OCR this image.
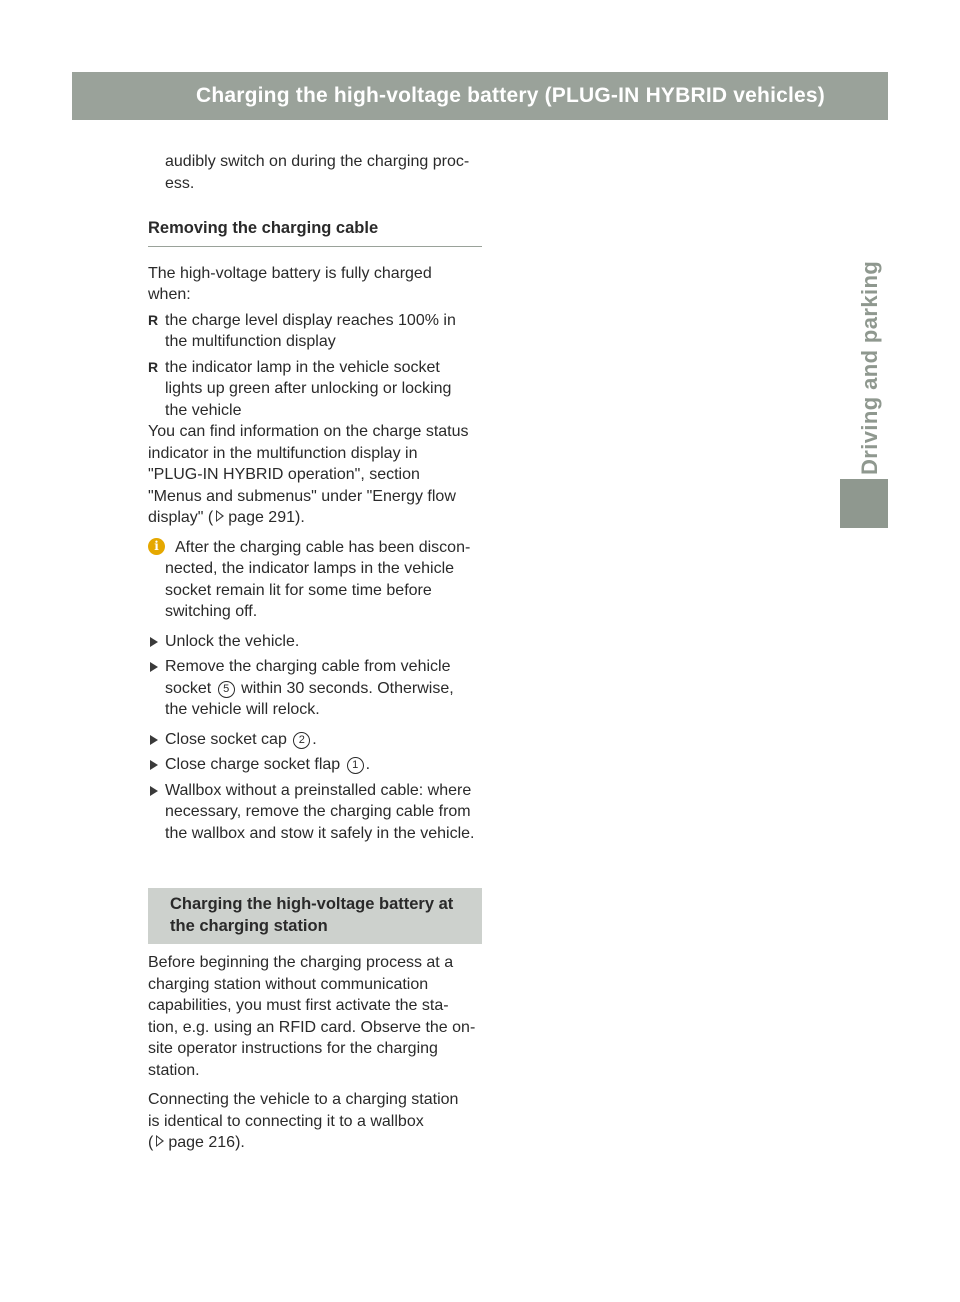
Charging the high-voltage battery (PLUG-IN HYBRID vehicles)	217
Driving and parking
audibly switch on during the charging proc-
ess.
Removing the charging cable
The high-voltage battery is fully charged
when:
R the charge level display reaches 100% in
the multifunction display
R the indicator lamp in the vehicle socket
lights up green after unlocking or locking
the vehicle
You can find information on the charge status
indicator in the multifunction display in
"PLUG-IN HYBRID operation", section
"Menus and submenus" under "Energy flow
display" ( page 291).
i	After the charging cable has been discon-
nected, the indicator lamps in the vehicle
socket remain lit for some time before
switching off.
Unlock the vehicle.
Remove the charging cable from vehicle
socket 5 within 30 seconds. Otherwise,
the vehicle will relock.
Close socket cap 2 .
Close charge socket flap 1 .
Wallbox without a preinstalled cable: where
necessary, remove the charging cable from
the wallbox and stow it safely in the vehicle.
Charging the high-voltage battery at
the charging station
Before beginning the charging process at a
charging station without communication
capabilities, you must first activate the sta-
tion, e.g. using an RFID card. Observe the on-
site operator instructions for the charging
station.
Connecting the vehicle to a charging station
is identical to connecting it to a wallbox
( page 216).
